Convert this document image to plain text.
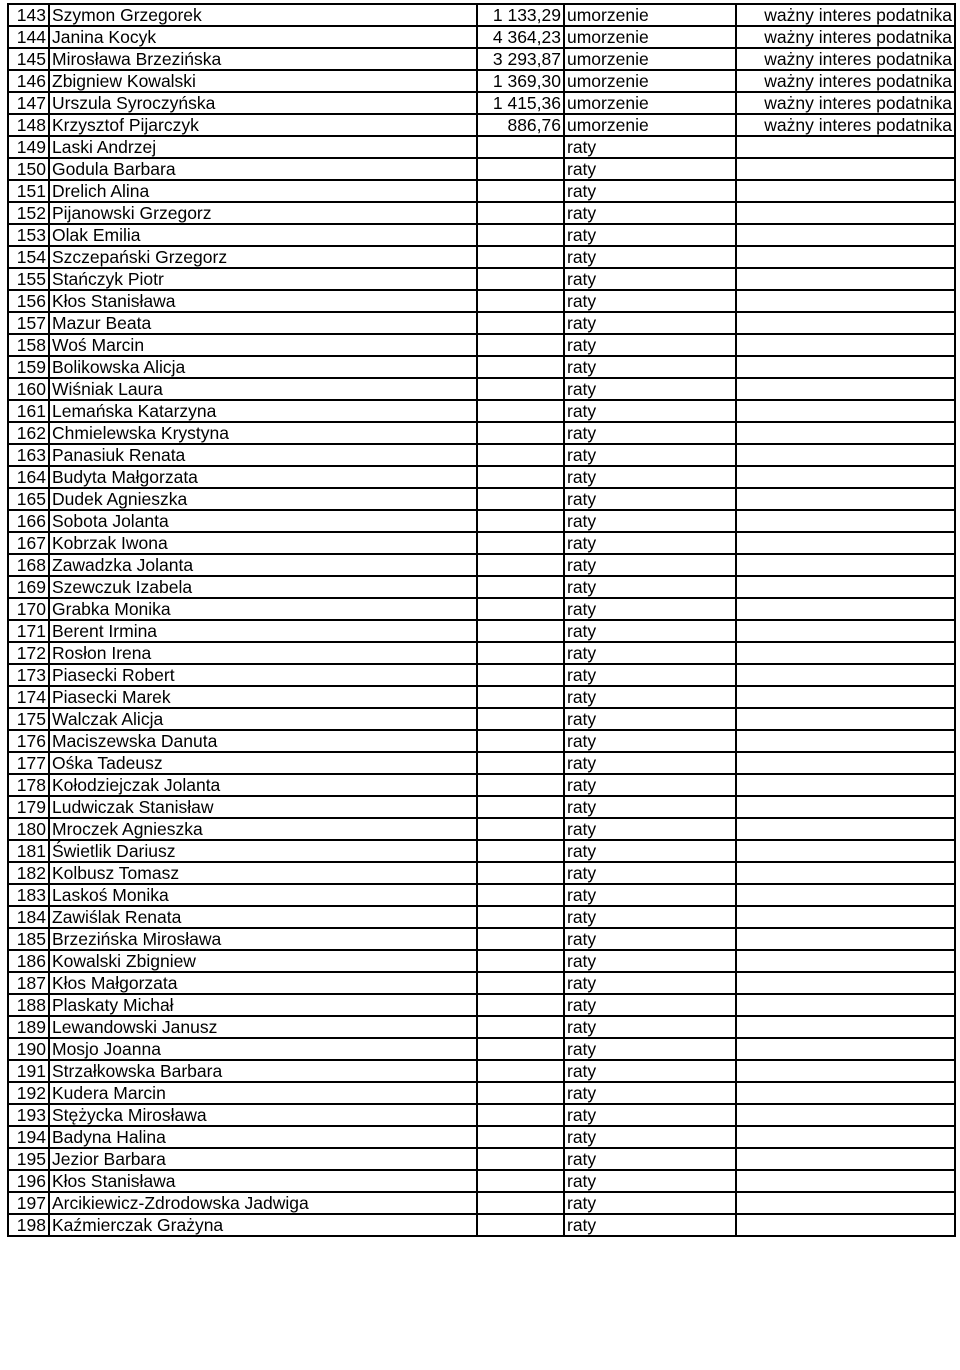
143	Szymon Grzegorek	1 133,29	umorzenie	ważny interes podatnika
144	Janina Kocyk	4 364,23	umorzenie	ważny interes podatnika
145	Mirosława Brzezińska	3 293,87	umorzenie	ważny interes podatnika
146	Zbigniew Kowalski	1 369,30	umorzenie	ważny interes podatnika
147	Urszula Syroczyńska	1 415,36	umorzenie	ważny interes podatnika
148	Krzysztof Pijarczyk	886,76	umorzenie	ważny interes podatnika
149	Laski Andrzej		raty	
150	Godula Barbara		raty	
151	Drelich Alina		raty	
152	Pijanowski Grzegorz		raty	
153	Olak Emilia		raty	
154	Szczepański Grzegorz		raty	
155	Stańczyk Piotr		raty	
156	Kłos Stanisława		raty	
157	Mazur Beata		raty	
158	Woś Marcin		raty	
159	Bolikowska Alicja		raty	
160	Wiśniak Laura		raty	
161	Lemańska Katarzyna		raty	
162	Chmielewska Krystyna		raty	
163	Panasiuk Renata		raty	
164	Budyta Małgorzata		raty	
165	Dudek Agnieszka		raty	
166	Sobota Jolanta		raty	
167	Kobrzak Iwona		raty	
168	Zawadzka Jolanta		raty	
169	Szewczuk Izabela		raty	
170	Grabka Monika		raty	
171	Berent Irmina		raty	
172	Rosłon Irena		raty	
173	Piasecki Robert		raty	
174	Piasecki Marek		raty	
175	Walczak Alicja		raty	
176	Maciszewska Danuta		raty	
177	Ośka Tadeusz		raty	
178	Kołodziejczak Jolanta		raty	
179	Ludwiczak Stanisław		raty	
180	Mroczek Agnieszka		raty	
181	Świetlik Dariusz		raty	
182	Kolbusz Tomasz		raty	
183	Laskoś Monika		raty	
184	Zawiślak Renata		raty	
185	Brzezińska Mirosława		raty	
186	Kowalski Zbigniew		raty	
187	Kłos Małgorzata		raty	
188	Plaskaty Michał		raty	
189	Lewandowski Janusz		raty	
190	Mosjo Joanna		raty	
191	Strzałkowska Barbara		raty	
192	Kudera Marcin		raty	
193	Stężycka Mirosława		raty	
194	Badyna Halina		raty	
195	Jezior Barbara		raty	
196	Kłos Stanisława		raty	
197	Arcikiewicz-Zdrodowska Jadwiga		raty	
198	Kaźmierczak Grażyna		raty	
